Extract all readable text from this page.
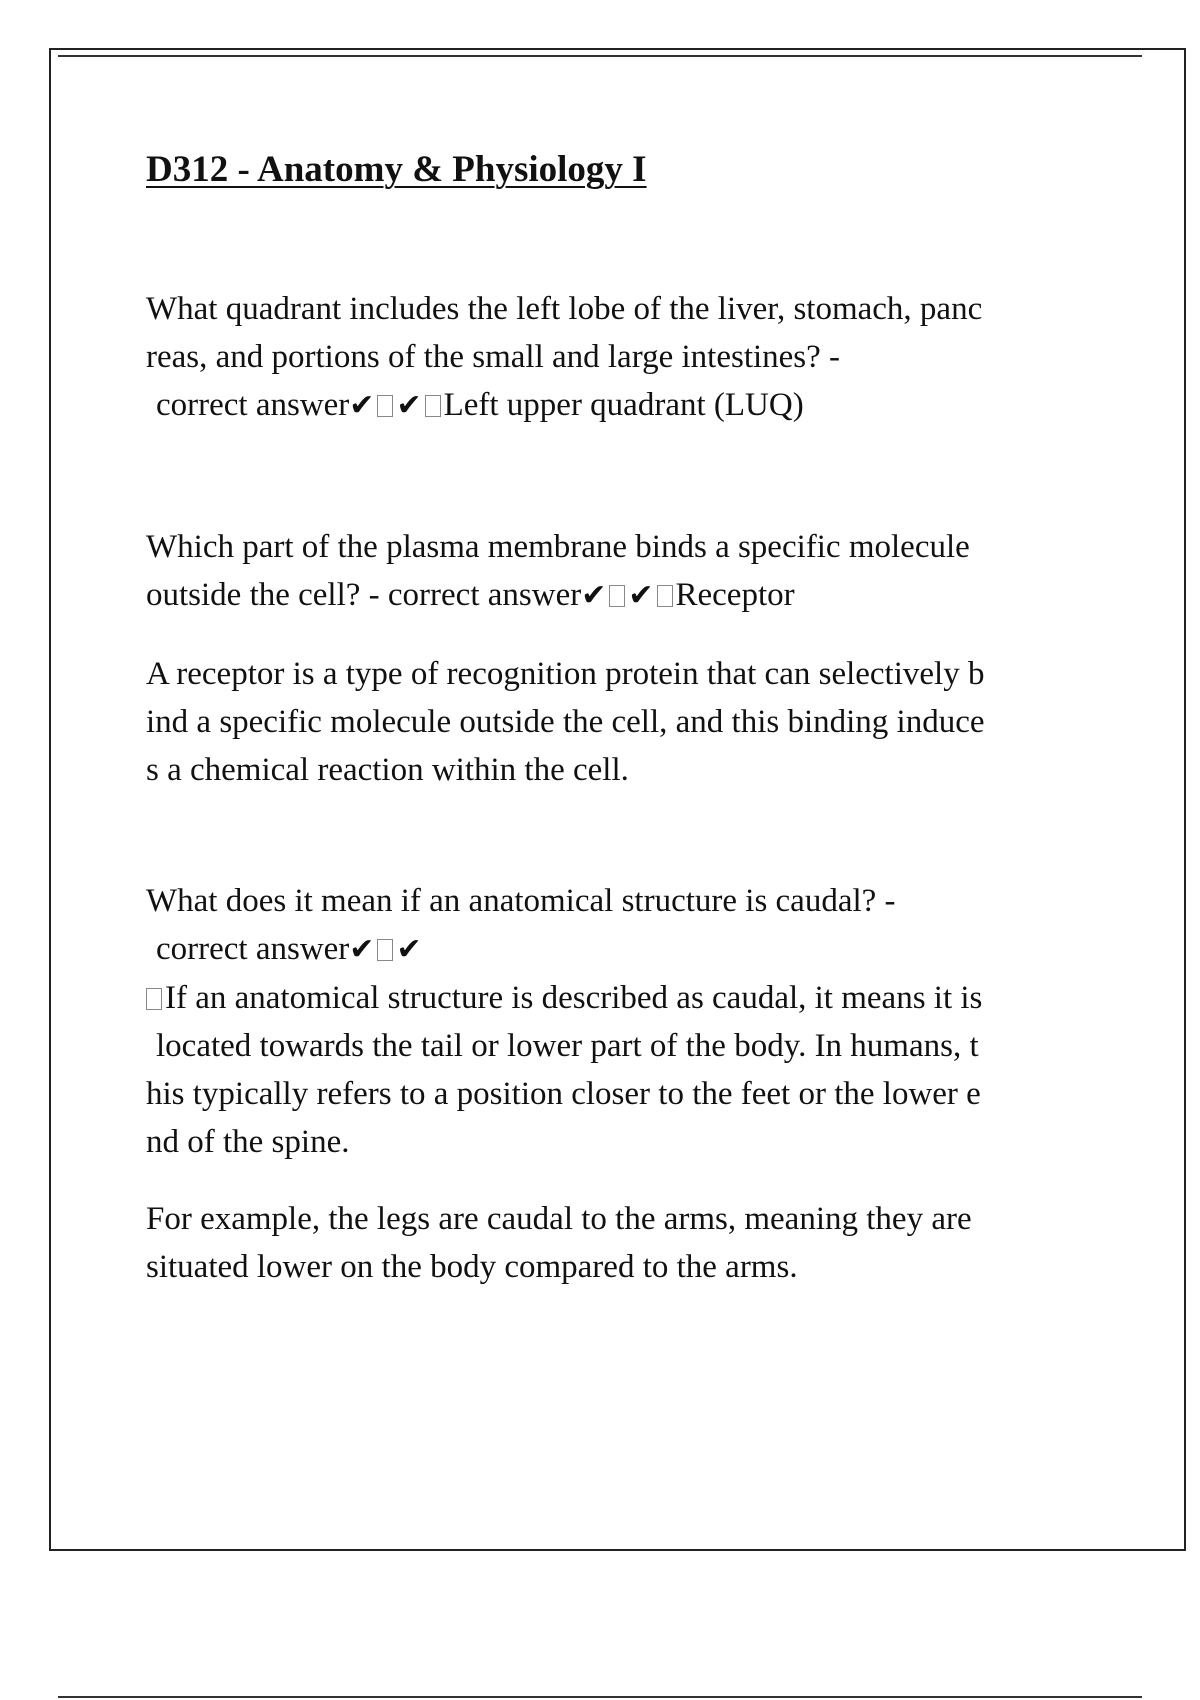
D312 - Anatomy & Physiology I
What quadrant includes the left lobe of the liver, stomach, panc
reas, and portions of the small and large intestines? -
correct answer✔ ✔ Left upper quadrant (LUQ)
Which part of the plasma membrane binds a specific molecule
outside the cell? - correct answer✔ ✔ Receptor
A receptor is a type of recognition protein that can selectively b
ind a specific molecule outside the cell, and this binding induce
s a chemical reaction within the cell.
What does it mean if an anatomical structure is caudal? -
correct answer✔ ✔
If an anatomical structure is described as caudal, it means it is
located towards the tail or lower part of the body. In humans, t
his typically refers to a position closer to the feet or the lower e
nd of the spine.
For example, the legs are caudal to the arms, meaning they are
situated lower on the body compared to the arms.
